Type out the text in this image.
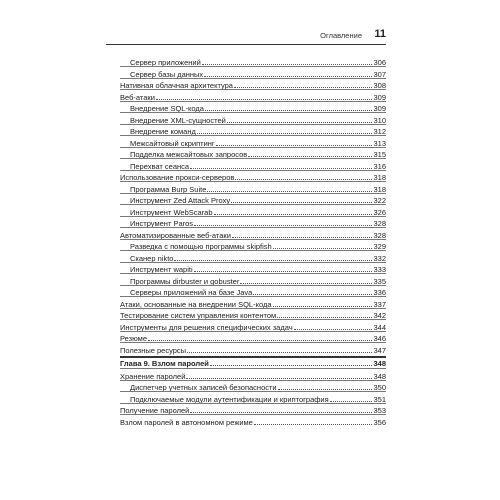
Оглавление 11
Сервер приложений	306
Сервер базы данных	307
Нативная облачная архитектура	308
Веб-атаки	309
Внедрение SQL-кода	309
Внедрение XML-сущностей	310
Внедрение команд	312
Межсайтовый скриптинг	313
Подделка межсайтовых запросов	315
Перехват сеанса	316
Использование прокси-серверов	318
Программа Burp Suite	318
Инструмент Zed Attack Proxy	322
Инструмент WebScarab	326
Инструмент Paros	328
Автоматизированные веб-атаки	328
Разведка с помощью программы skipfish	329
Сканер nikto	332
Инструмент wapiti	333
Программы dirbuster и gobuster	335
Серверы приложений на базе Java	336
Атаки, основанные на внедрении SQL-кода	337
Тестирование систем управления контентом	342
Инструменты для решения специфических задач	344
Резюме	346
Полезные ресурсы	347
Глава 9. Взлом паролей	348
Хранение паролей	348
Диспетчер учетных записей безопасности	350
Подключаемые модули аутентификации и криптография	351
Получение паролей	353
Взлом паролей в автономном режиме	356
